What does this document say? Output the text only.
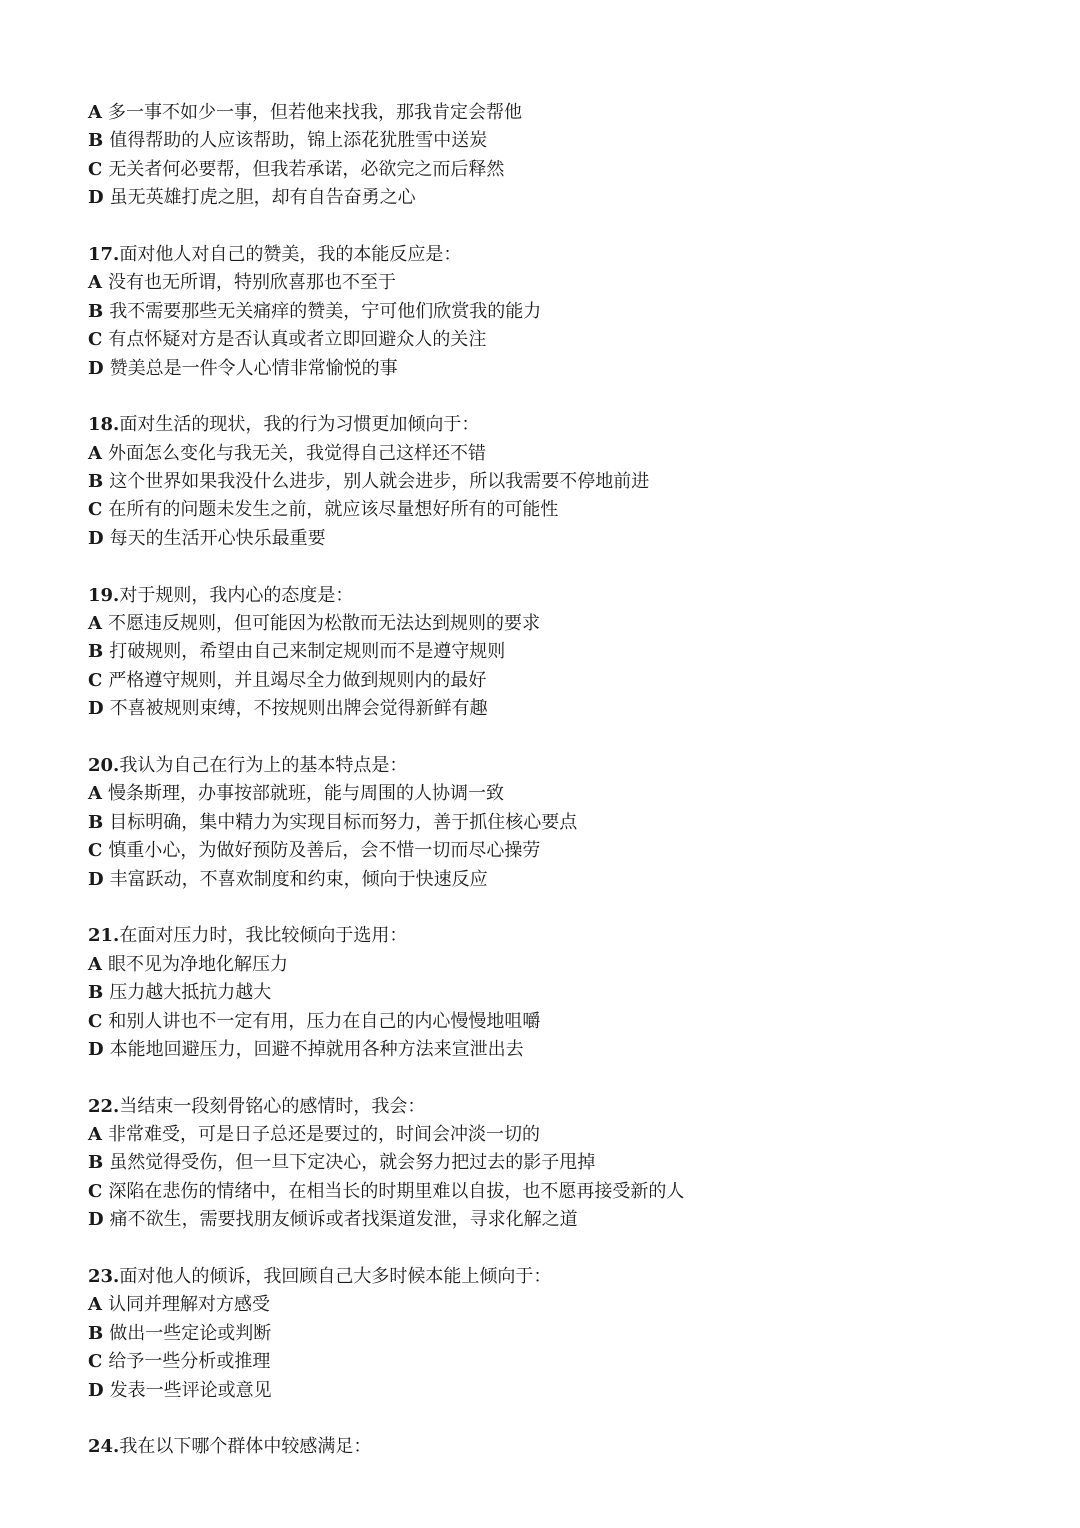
A 多一事不如少一事，但若他来找我，那我肯定会帮他
B 值得帮助的人应该帮助，锦上添花犹胜雪中送炭
C 无关者何必要帮，但我若承诺，必欲完之而后释然
D 虽无英雄打虎之胆，却有自告奋勇之心
17.面对他人对自己的赞美，我的本能反应是：
A 没有也无所谓，特别欣喜那也不至于
B 我不需要那些无关痛痒的赞美，宁可他们欣赏我的能力
C 有点怀疑对方是否认真或者立即回避众人的关注
D 赞美总是一件令人心情非常愉悦的事
18.面对生活的现状，我的行为习惯更加倾向于：
A 外面怎么变化与我无关，我觉得自己这样还不错
B 这个世界如果我没什么进步，别人就会进步，所以我需要不停地前进
C 在所有的问题未发生之前，就应该尽量想好所有的可能性
D 每天的生活开心快乐最重要
19.对于规则，我内心的态度是：
A 不愿违反规则，但可能因为松散而无法达到规则的要求
B 打破规则，希望由自己来制定规则而不是遵守规则
C 严格遵守规则，并且竭尽全力做到规则内的最好
D 不喜被规则束缚，不按规则出牌会觉得新鲜有趣
20.我认为自己在行为上的基本特点是：
A 慢条斯理，办事按部就班，能与周围的人协调一致
B 目标明确，集中精力为实现目标而努力，善于抓住核心要点
C 慎重小心，为做好预防及善后，会不惜一切而尽心操劳
D 丰富跃动，不喜欢制度和约束，倾向于快速反应
21.在面对压力时，我比较倾向于选用：
A 眼不见为净地化解压力
B 压力越大抵抗力越大
C 和别人讲也不一定有用，压力在自己的内心慢慢地咀嚼
D 本能地回避压力，回避不掉就用各种方法来宣泄出去
22.当结束一段刻骨铭心的感情时，我会：
A 非常难受，可是日子总还是要过的，时间会冲淡一切的
B 虽然觉得受伤，但一旦下定决心，就会努力把过去的影子甩掉
C 深陷在悲伤的情绪中，在相当长的时期里难以自拔，也不愿再接受新的人
D 痛不欲生，需要找朋友倾诉或者找渠道发泄，寻求化解之道
23.面对他人的倾诉，我回顾自己大多时候本能上倾向于：
A 认同并理解对方感受
B 做出一些定论或判断
C 给予一些分析或推理
D 发表一些评论或意见
24.我在以下哪个群体中较感满足：
